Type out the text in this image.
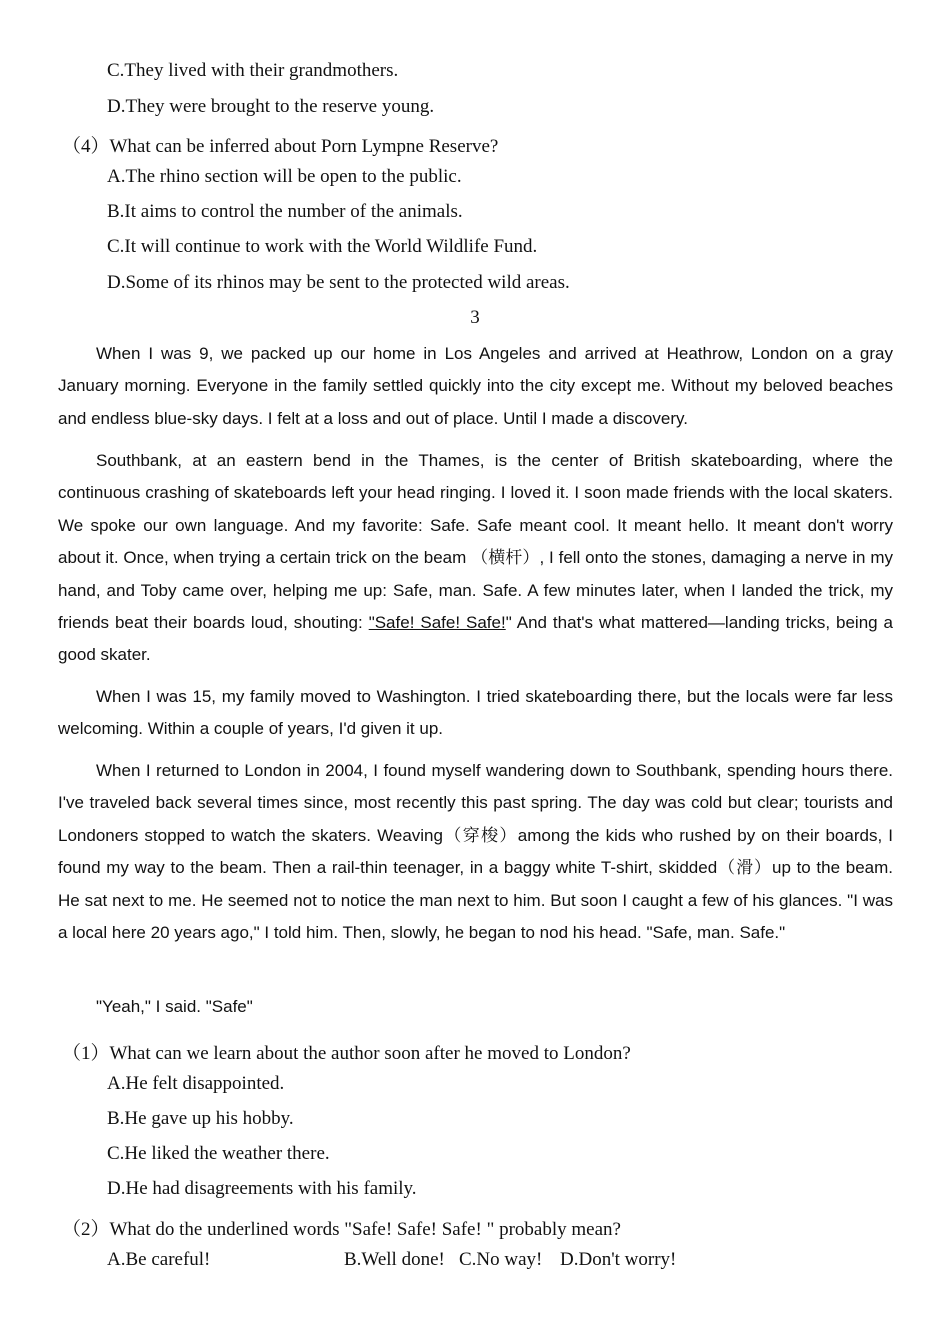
C.They lived with their grandmothers.
D.They were brought to the reserve young.
（4）What can be inferred about Porn Lympne Reserve?
A.The rhino section will be open to the public.
B.It aims to control the number of the animals.
C.It will continue to work with the World Wildlife Fund.
D.Some of its rhinos may be sent to the protected wild areas.
3

When I was 9, we packed up our home in Los Angeles and arrived at Heathrow, London on a gray January morning. Everyone in the family settled quickly into the city except me. Without my beloved beaches and endless blue-sky days. I felt at a loss and out of place. Until I made a discovery.

Southbank, at an eastern bend in the Thames, is the center of British skateboarding, where the continuous crashing of skateboards left your head ringing. I loved it. I soon made friends with the local skaters. We spoke our own language. And my favorite: Safe. Safe meant cool. It meant hello. It meant don't worry about it. Once, when trying a certain trick on the beam （横杆）, I fell onto the stones, damaging a nerve in my hand, and Toby came over, helping me up: Safe, man. Safe. A few minutes later, when I landed the trick, my friends beat their boards loud, shouting: "Safe! Safe! Safe!" And that's what mattered—landing tricks, being a good skater.

When I was 15, my family moved to Washington. I tried skateboarding there, but the locals were far less welcoming. Within a couple of years, I'd given it up.

When I returned to London in 2004, I found myself wandering down to Southbank, spending hours there. I've traveled back several times since, most recently this past spring. The day was cold but clear; tourists and Londoners stopped to watch the skaters. Weaving（穿梭）among the kids who rushed by on their boards, I found my way to the beam. Then a rail-thin teenager, in a baggy white T-shirt, skidded（滑）up to the beam. He sat next to me. He seemed not to notice the man next to him. But soon I caught a few of his glances. "I was a local here 20 years ago," I told him. Then, slowly, he began to nod his head. "Safe, man. Safe."

"Yeah," I said. "Safe"

（1）What can we learn about the author soon after he moved to London?
A.He felt disappointed.
B.He gave up his hobby.
C.He liked the weather there.
D.He had disagreements with his family.
（2）What do the underlined words "Safe! Safe! Safe! " probably mean?
A.Be careful!	B.Well done! C.No way! D.Don't worry!
